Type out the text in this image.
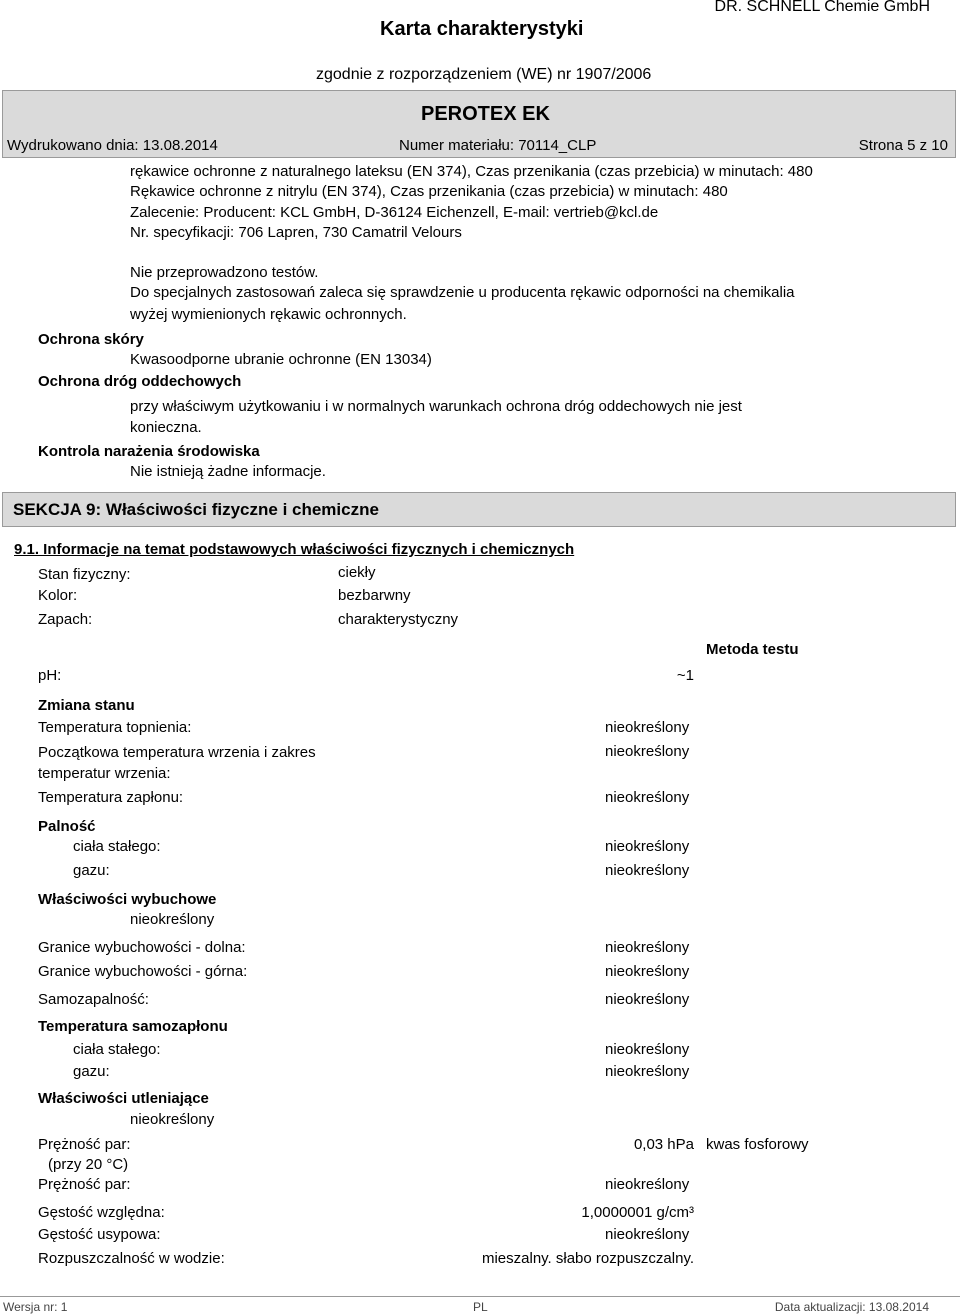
Karta charakterystyki
DR. SCHNELL Chemie GmbH
zgodnie z rozporządzeniem (WE) nr 1907/2006
PEROTEX EK
Wydrukowano dnia: 13.08.2014	Numer materiału: 70114_CLP	Strona 5 z 10
rękawice ochronne z naturalnego lateksu (EN 374), Czas przenikania (czas przebicia) w minutach: 480
Rękawice ochronne z nitrylu (EN 374), Czas przenikania (czas przebicia) w minutach: 480
Zalecenie: Producent: KCL GmbH, D-36124 Eichenzell, E-mail: vertrieb@kcl.de
Nr. specyfikacji: 706 Lapren, 730 Camatril Velours
Nie przeprowadzono testów.
Do specjalnych zastosowań zaleca się sprawdzenie u producenta rękawic odporności na chemikalia
wyżej wymienionych rękawic ochronnych.
Ochrona skóry
Kwasoodporne ubranie ochronne (EN 13034)
Ochrona dróg oddechowych
przy właściwym użytkowaniu i w normalnych warunkach ochrona dróg oddechowych nie jest
konieczna.
Kontrola narażenia środowiska
Nie istnieją żadne informacje.
SEKCJA 9: Właściwości fizyczne i chemiczne
9.1. Informacje na temat podstawowych właściwości fizycznych i chemicznych
Stan fizyczny:	ciekły
Kolor:	bezbarwny
Zapach:	charakterystyczny
Metoda testu
pH:	~1
Zmiana stanu
Temperatura topnienia:	nieokreślony
Początkowa temperatura wrzenia i zakres
temperatur wrzenia:
nieokreślony
Temperatura zapłonu:	nieokreślony
Palność
ciała stałego:	nieokreślony
gazu:	nieokreślony
Właściwości wybuchowe
nieokreślony
Granice wybuchowości - dolna:	nieokreślony
Granice wybuchowości - górna:	nieokreślony
Samozapalność:	nieokreślony
Temperatura samozapłonu
ciała stałego:	nieokreślony
gazu:	nieokreślony
Właściwości utleniające
nieokreślony
Prężność par:	0,03 hPa kwas fosforowy
(przy 20 °C)
Prężność par:	nieokreślony
Gęstość względna:	1,0000001 g/cm³
Gęstość usypowa:	nieokreślony
Rozpuszczalność w wodzie:	mieszalny. słabo rozpuszczalny.
Wersja nr: 1	PL	Data aktualizacji: 13.08.2014
